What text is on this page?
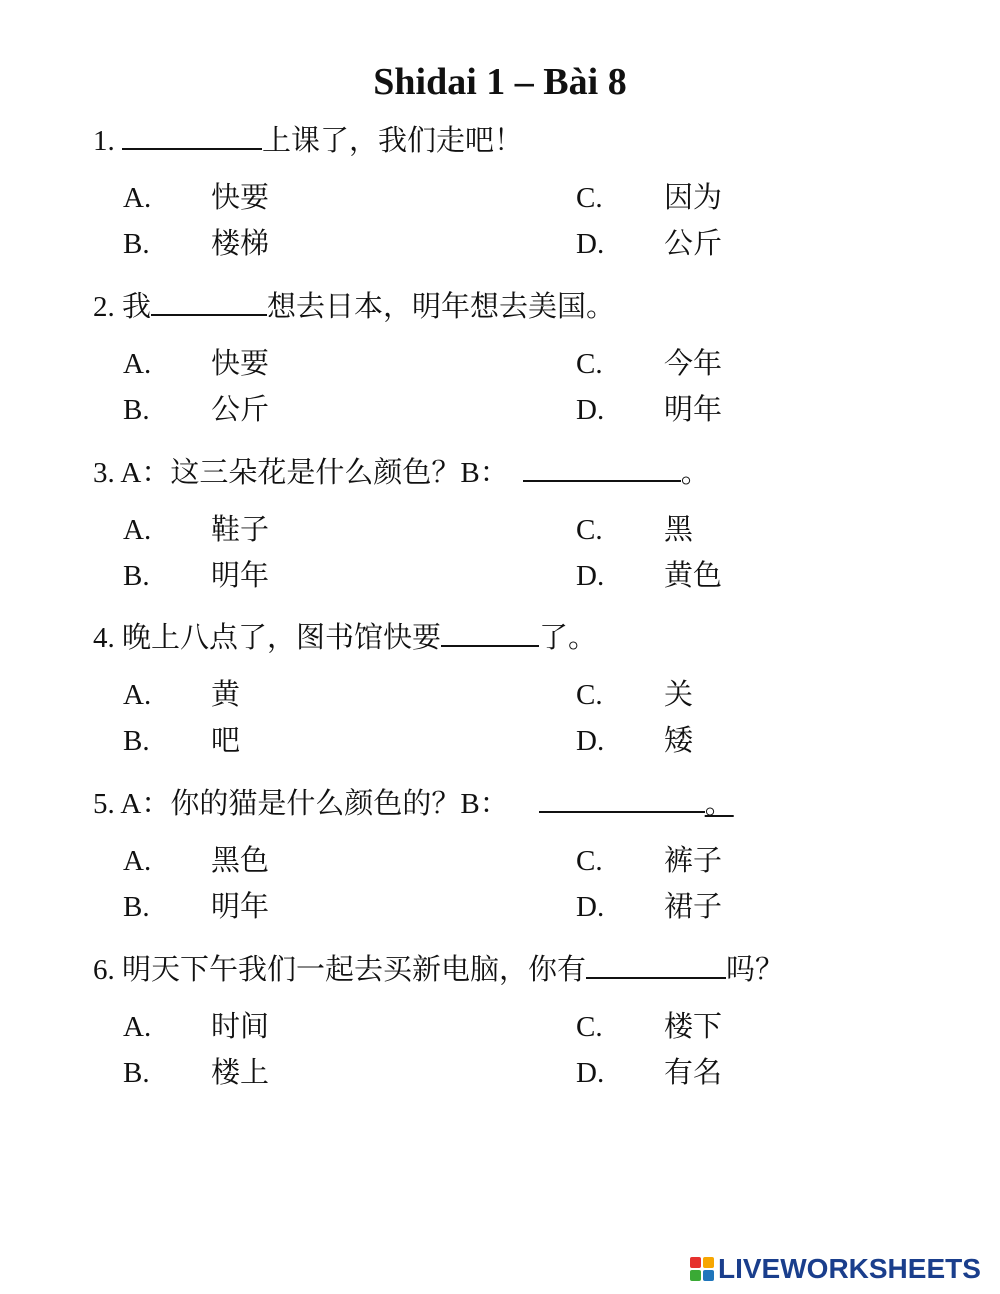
Shidai 1 – Bài 8
1.	上课了，我们走吧！
A. 快要
B. 楼梯
C. 因为
D. 公斤
2. 我	想去日本，明年想去美国。
A. 快要
B. 公斤
C. 今年
D. 明年
3. A：这三朵花是什么颜色？B：	。
A. 鞋子
B. 明年
C. 黑
D. 黄色
4. 晚上八点了，图书馆快要	了。
A. 黄
B. 吧
C. 关
D. 矮
5. A：你的猫是什么颜色的？B：	。
A. 黑色
B. 明年
C. 裤子
D. 裙子
6. 明天下午我们一起去买新电脑，你有	吗？
A. 时间
B. 楼上
C. 楼下
D. 有名
LIVEWORKSHEETS
